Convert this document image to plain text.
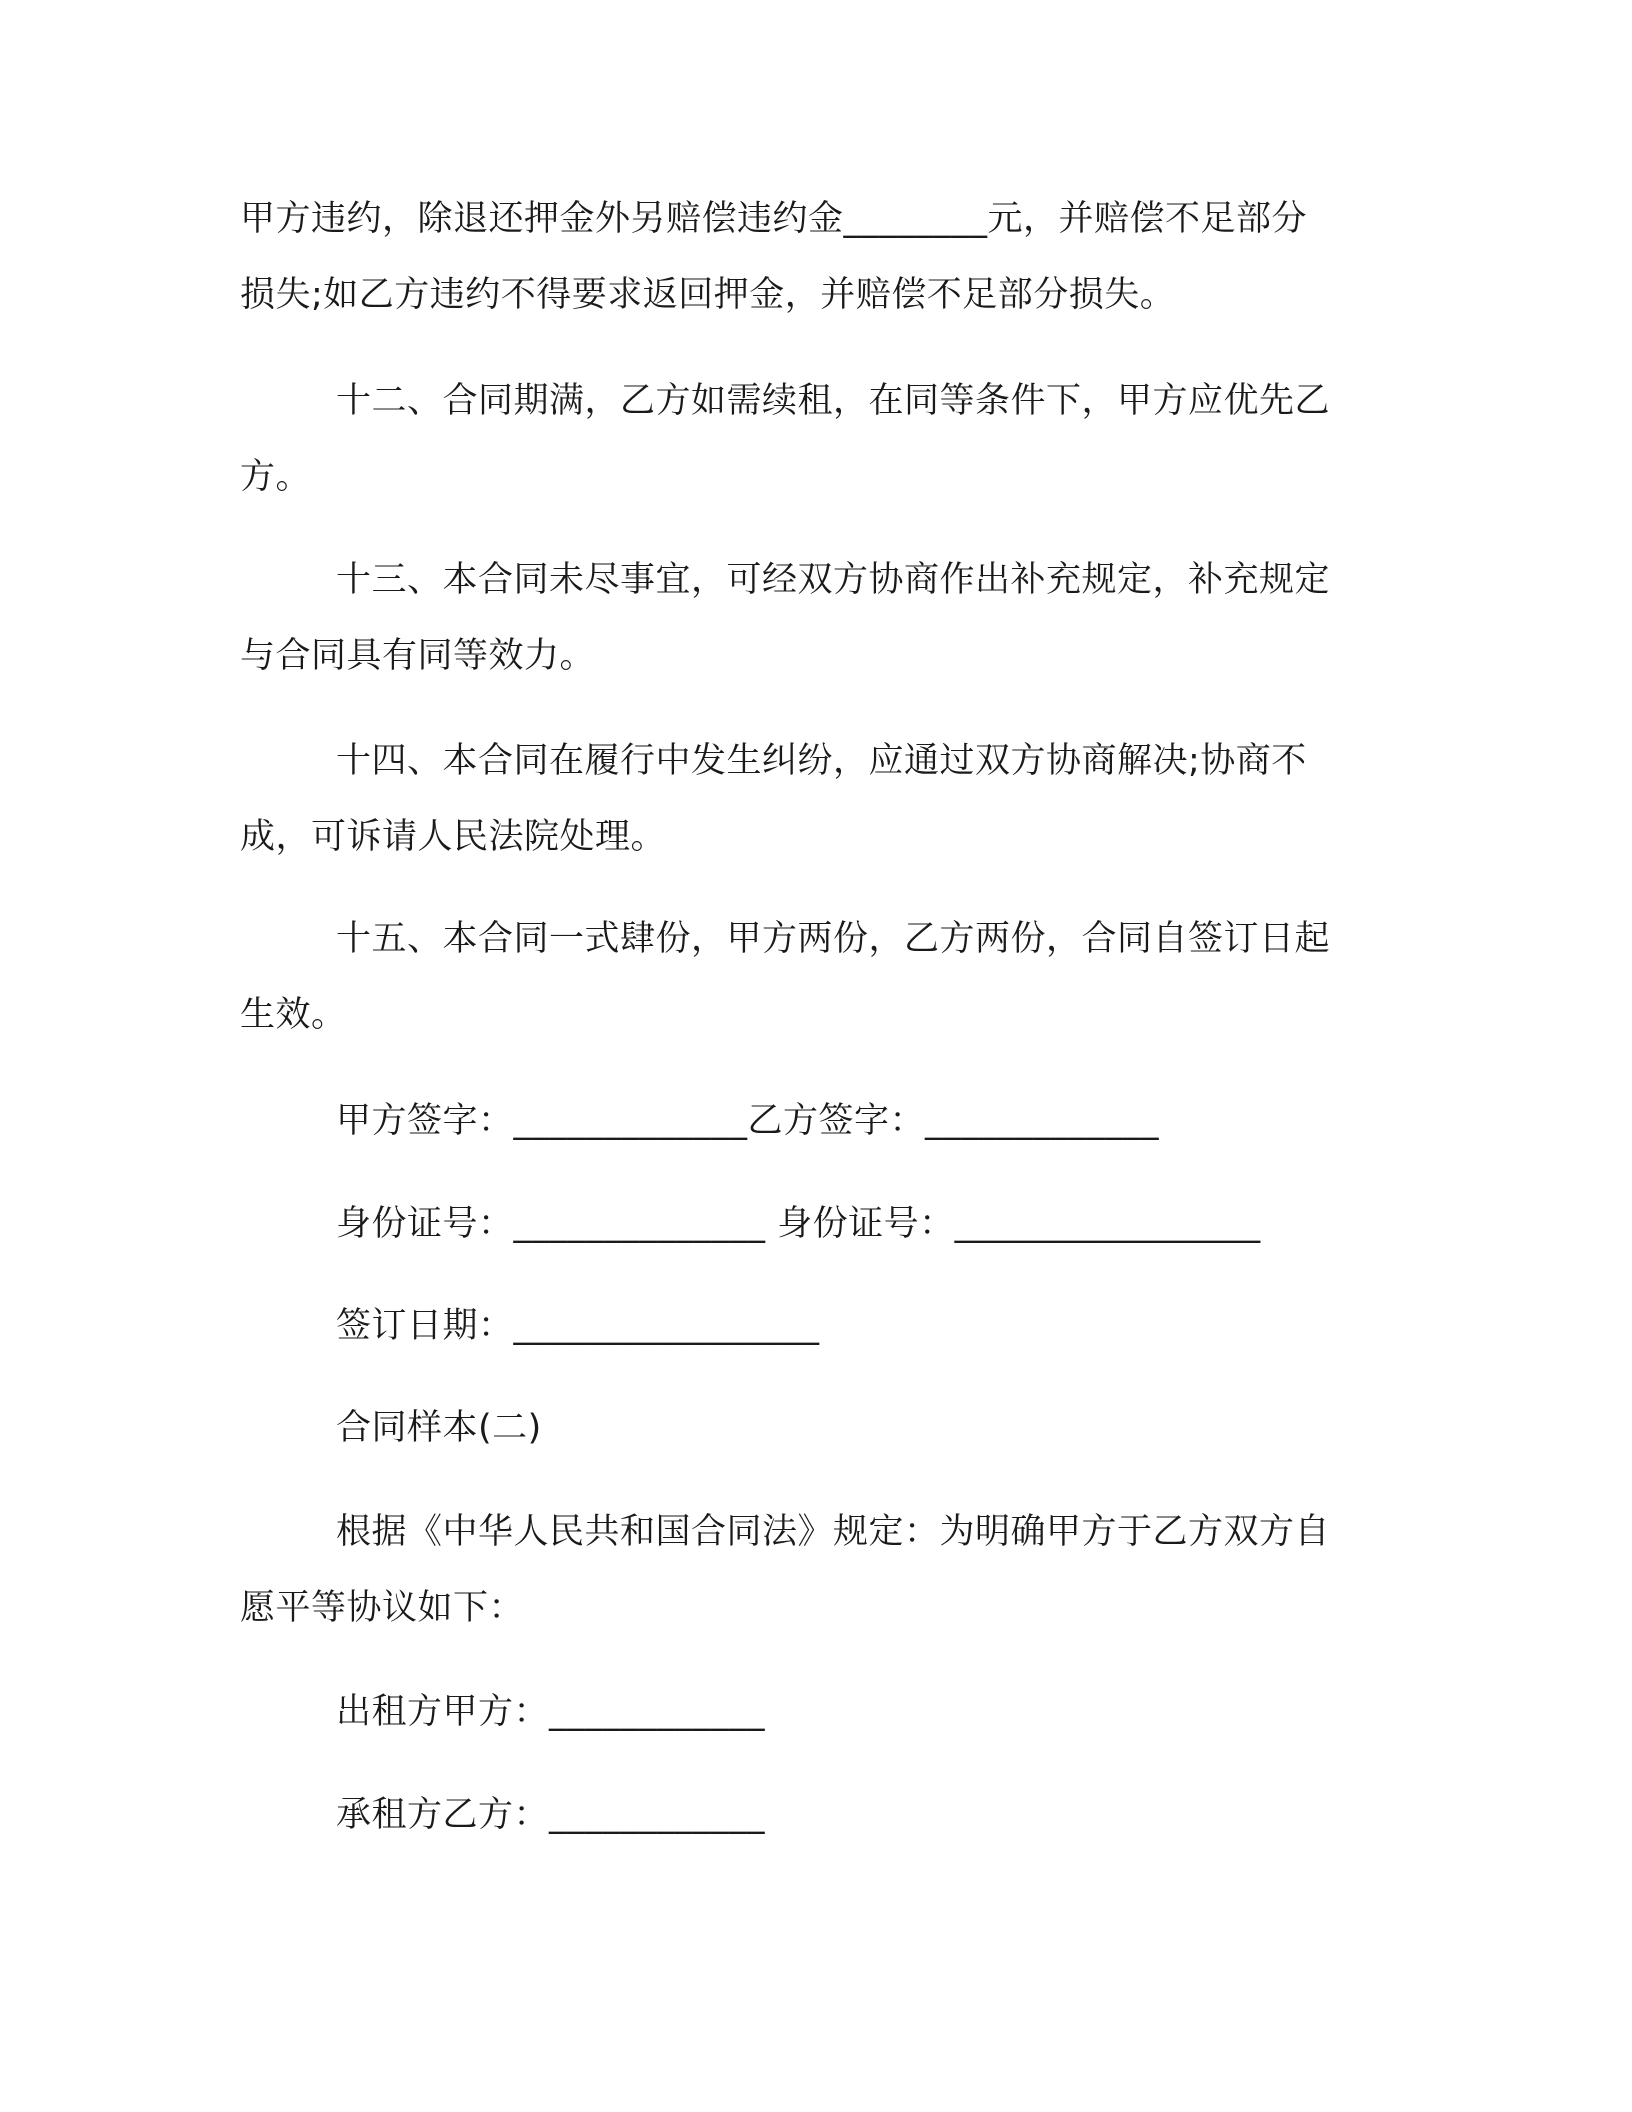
甲方违约，除退还押金外另赔偿违约金________元，并赔偿不足部分
损失;如乙方违约不得要求返回押金，并赔偿不足部分损失。
十二、合同期满，乙方如需续租，在同等条件下，甲方应优先乙
方。
十三、本合同未尽事宜，可经双方协商作出补充规定，补充规定
与合同具有同等效力。
十四、本合同在履行中发生纠纷，应通过双方协商解决;协商不
成，可诉请人民法院处理。
十五、本合同一式肆份，甲方两份，乙方两份，合同自签订日起
生效。
甲方签字：_____________乙方签字：_____________
身份证号：______________ 身份证号：_________________
签订日期：_________________
合同样本(二)
根据《中华人民共和国合同法》规定：为明确甲方于乙方双方自
愿平等协议如下：
出租方甲方：____________
承租方乙方：____________
